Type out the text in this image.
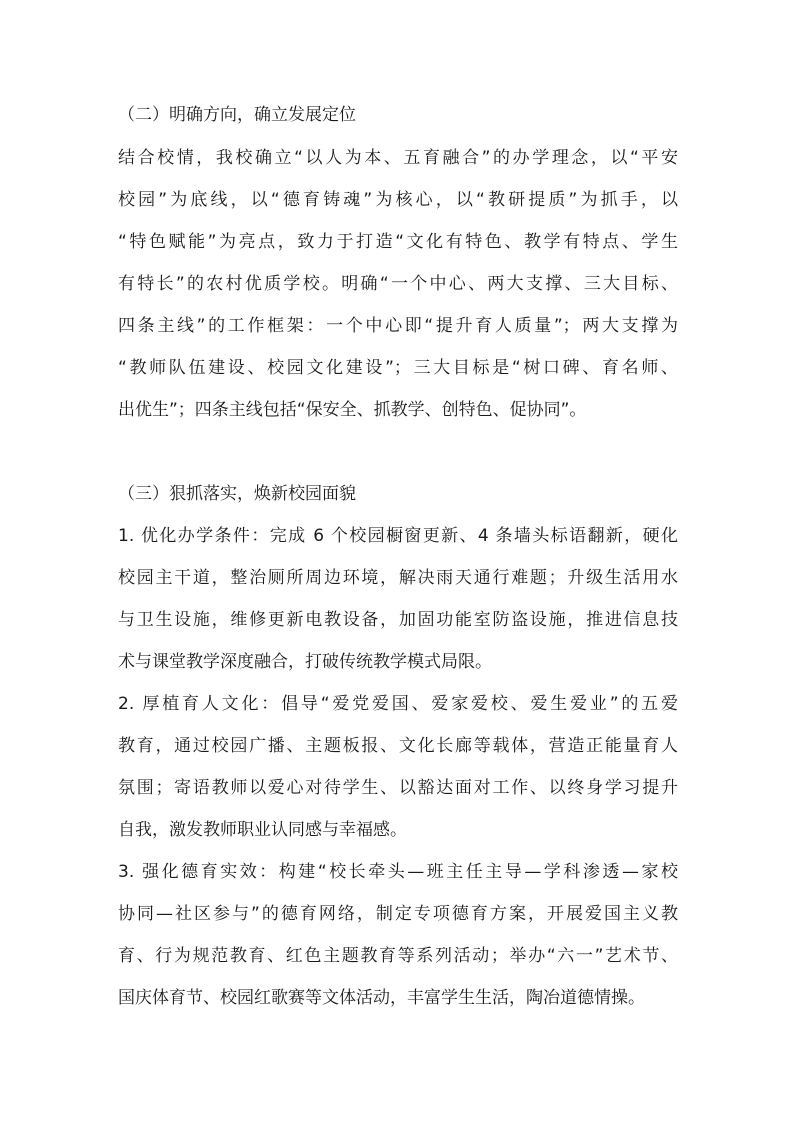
（二）明确方向，确立发展定位
结合校情，我校确立“以人为本、五育融合”的办学理念，以“平安
校园”为底线，以“德育铸魂”为核心，以“教研提质”为抓手，以
“特色赋能”为亮点，致力于打造“文化有特色、教学有特点、学生
有特长”的农村优质学校。明确“一个中心、两大支撑、三大目标、
四条主线”的工作框架：一个中心即“提升育人质量”；两大支撑为
“教师队伍建设、校园文化建设”；三大目标是“树口碑、育名师、
出优生”；四条主线包括“保安全、抓教学、创特色、促协同”。
（三）狠抓落实，焕新校园面貌
1. 优化办学条件：完成 6 个校园橱窗更新、4 条墙头标语翻新，硬化
校园主干道，整治厕所周边环境，解决雨天通行难题；升级生活用水
与卫生设施，维修更新电教设备，加固功能室防盗设施，推进信息技
术与课堂教学深度融合，打破传统教学模式局限。
2. 厚植育人文化：倡导“爱党爱国、爱家爱校、爱生爱业”的五爱
教育，通过校园广播、主题板报、文化长廊等载体，营造正能量育人
氛围；寄语教师以爱心对待学生、以豁达面对工作、以终身学习提升
自我，激发教师职业认同感与幸福感。
3. 强化德育实效：构建“校长牵头—班主任主导—学科渗透—家校
协同—社区参与”的德育网络，制定专项德育方案，开展爱国主义教
育、行为规范教育、红色主题教育等系列活动；举办“六一”艺术节、
国庆体育节、校园红歌赛等文体活动，丰富学生生活，陶冶道德情操。
